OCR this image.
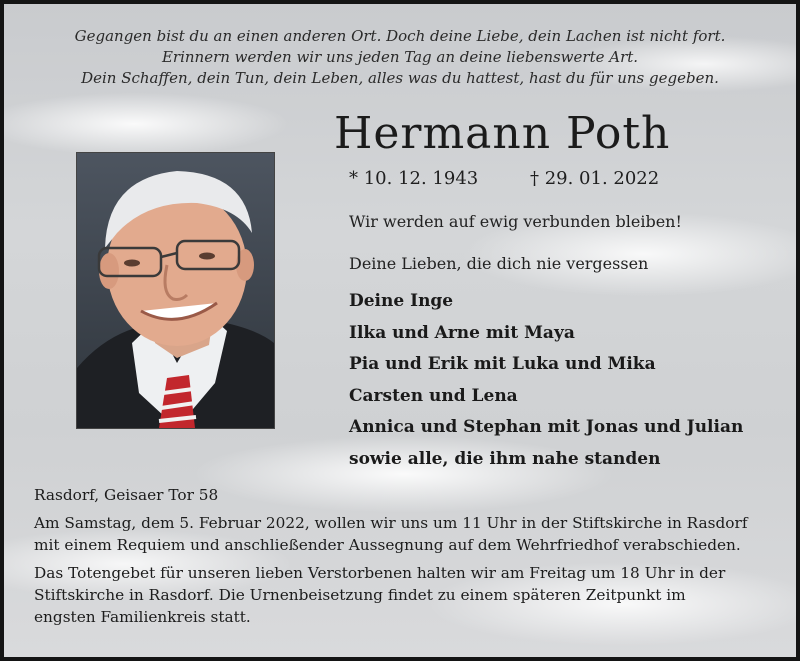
Gegangen bist du an einen anderen Ort. Doch deine Liebe, dein Lachen ist nicht fort.
Erinnern werden wir uns jeden Tag an deine liebenswerte Art.
Dein Schaffen, dein Tun, dein Leben, alles was du hattest, hast du für uns gegeben.
Hermann Poth
* 10. 12. 1943	† 29. 01. 2022
Wir werden auf ewig verbunden bleiben!
Deine Lieben, die dich nie vergessen
Deine Inge
Ilka und Arne mit Maya
Pia und Erik mit Luka und Mika
Carsten und Lena
Annica und Stephan mit Jonas und Julian
sowie alle, die ihm nahe standen

Rasdorf, Geisaer Tor 58

Am Samstag, dem 5. Februar 2022, wollen wir uns um 11 Uhr in der Stiftskirche in Rasdorf

mit einem Requiem und anschließender Aussegnung auf dem Wehrfriedhof verabschieden.

Das Totengebet für unseren lieben Verstorbenen halten wir am Freitag um 18 Uhr in der

Stiftskirche in Rasdorf. Die Urnenbeisetzung findet zu einem späteren Zeitpunkt im

engsten Familienkreis statt.
